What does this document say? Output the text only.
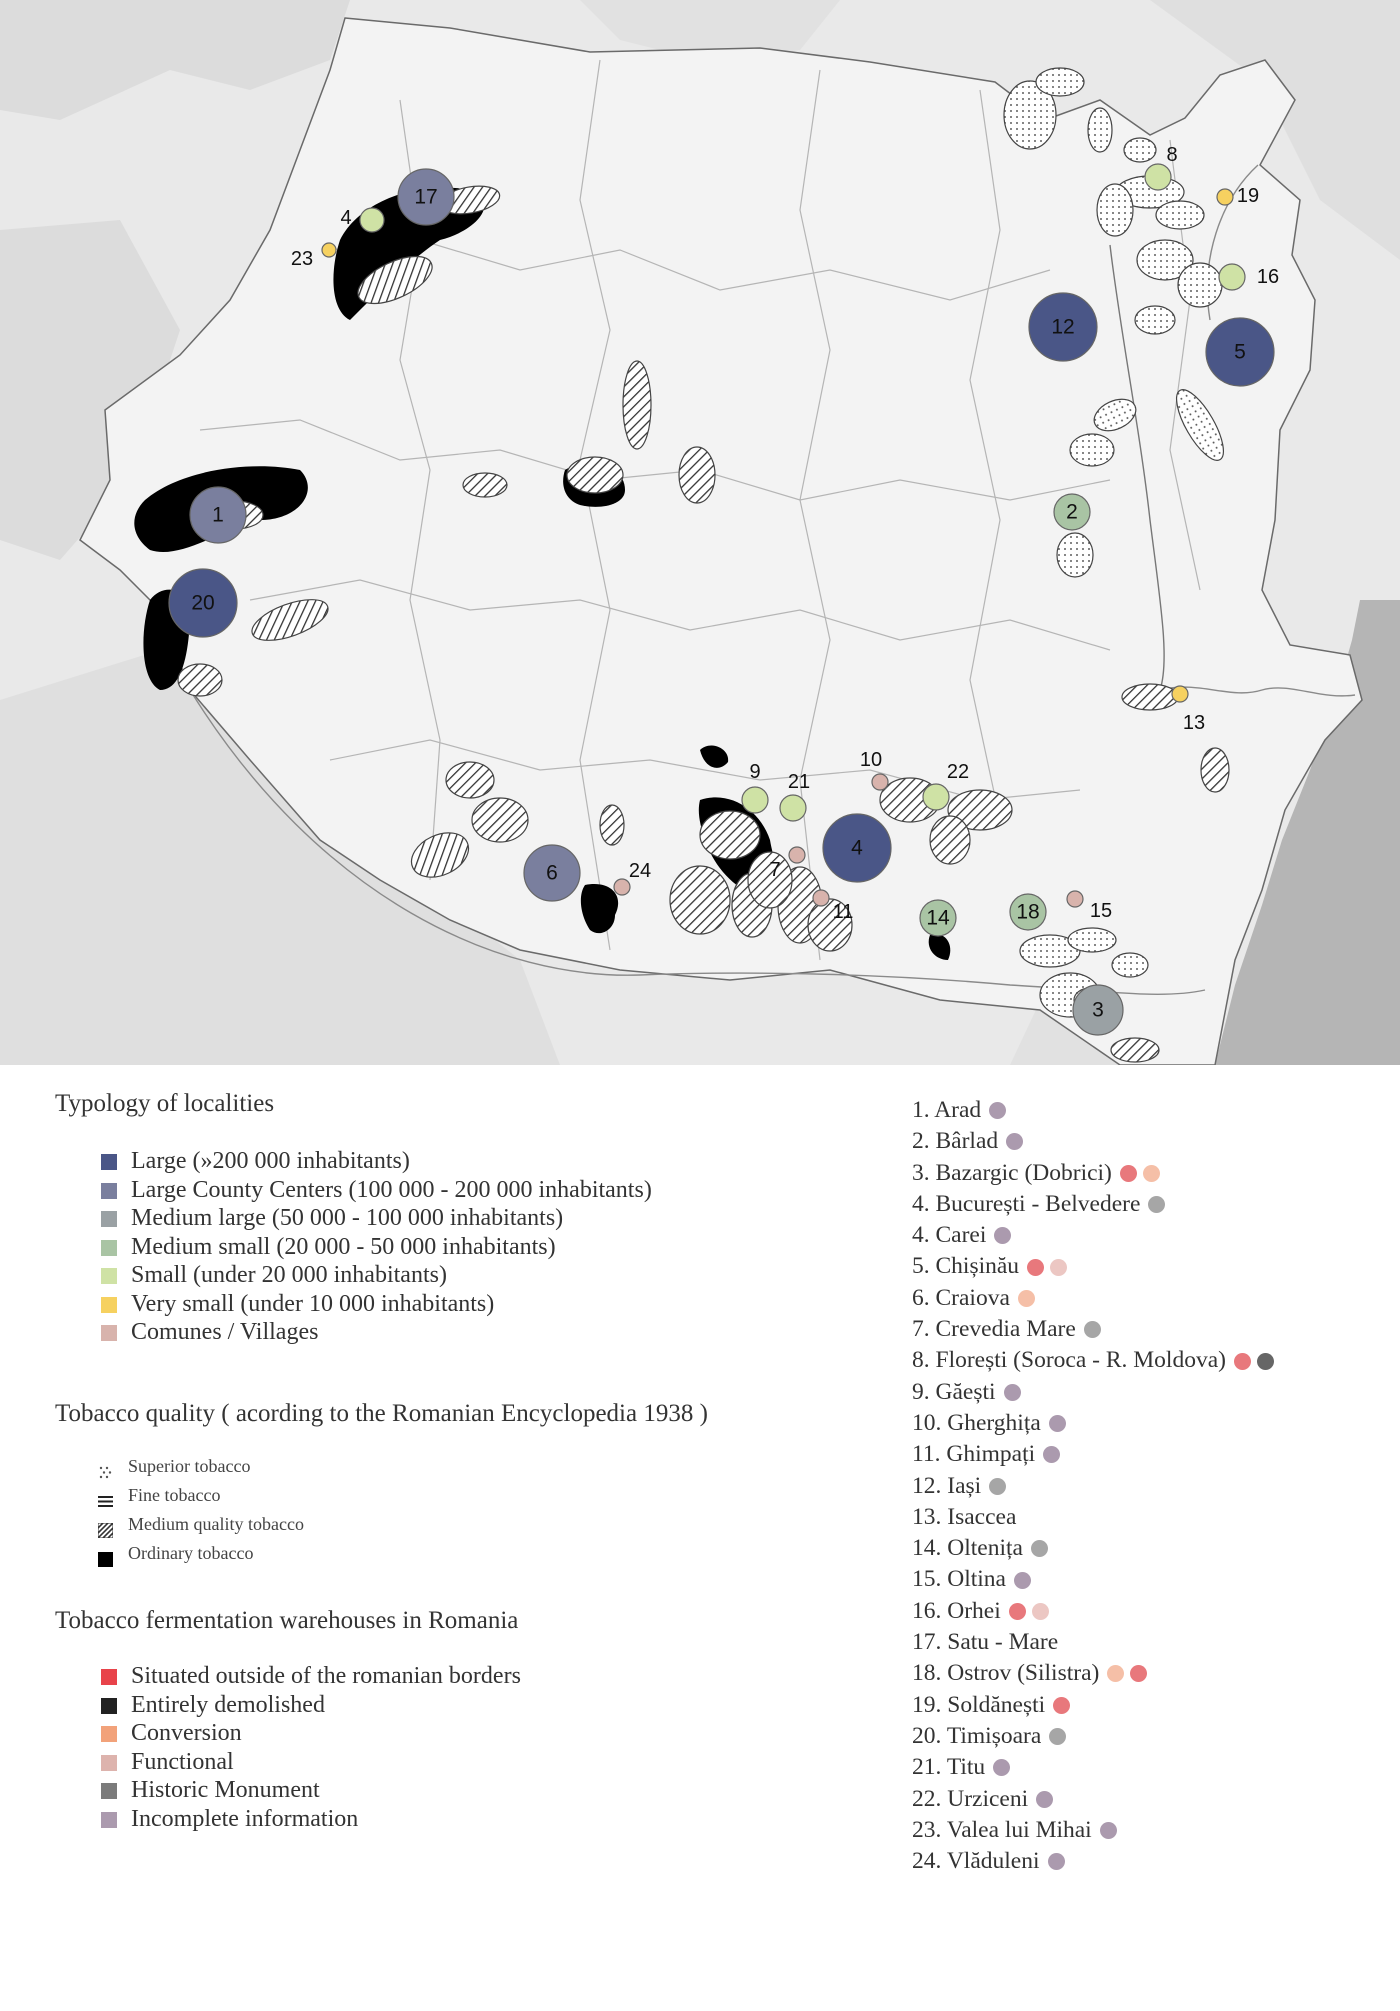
1	2
3
4
4
5
6	7
8
9
10
11
12
13
14	15
16
17
18
19
20
21	22
23
24
Typology of localities
Large (»200 000 inhabitants)
Large County Centers (100 000 - 200 000 inhabitants)
Medium large (50 000 - 100 000 inhabitants)
Medium small (20 000 - 50 000 inhabitants)
Small (under 20 000 inhabitants)
Very small (under 10 000 inhabitants)
Comunes / Villages
Tobacco quality ( acording to the Romanian Encyclopedia 1938 )
Superior tobacco
Fine tobacco
Medium quality tobacco
Ordinary tobacco
Tobacco fermentation warehouses in Romania
Situated outside of the romanian borders
Entirely demolished
Conversion
Functional
Historic Monument
Incomplete information
1. Arad
2. Bârlad
3. Bazargic (Dobrici)
4. București - Belvedere
4. Carei
5. Chișinău
6. Craiova
7. Crevedia Mare
8. Florești (Soroca - R. Moldova)
9. Găești
10. Gherghița
11. Ghimpați
12. Iași
13. Isaccea
14. Oltenița
15. Oltina
16. Orhei
17. Satu - Mare
18. Ostrov (Silistra)
19. Soldănești
20. Timișoara
21. Titu
22. Urziceni
23. Valea lui Mihai
24. Vlăduleni
